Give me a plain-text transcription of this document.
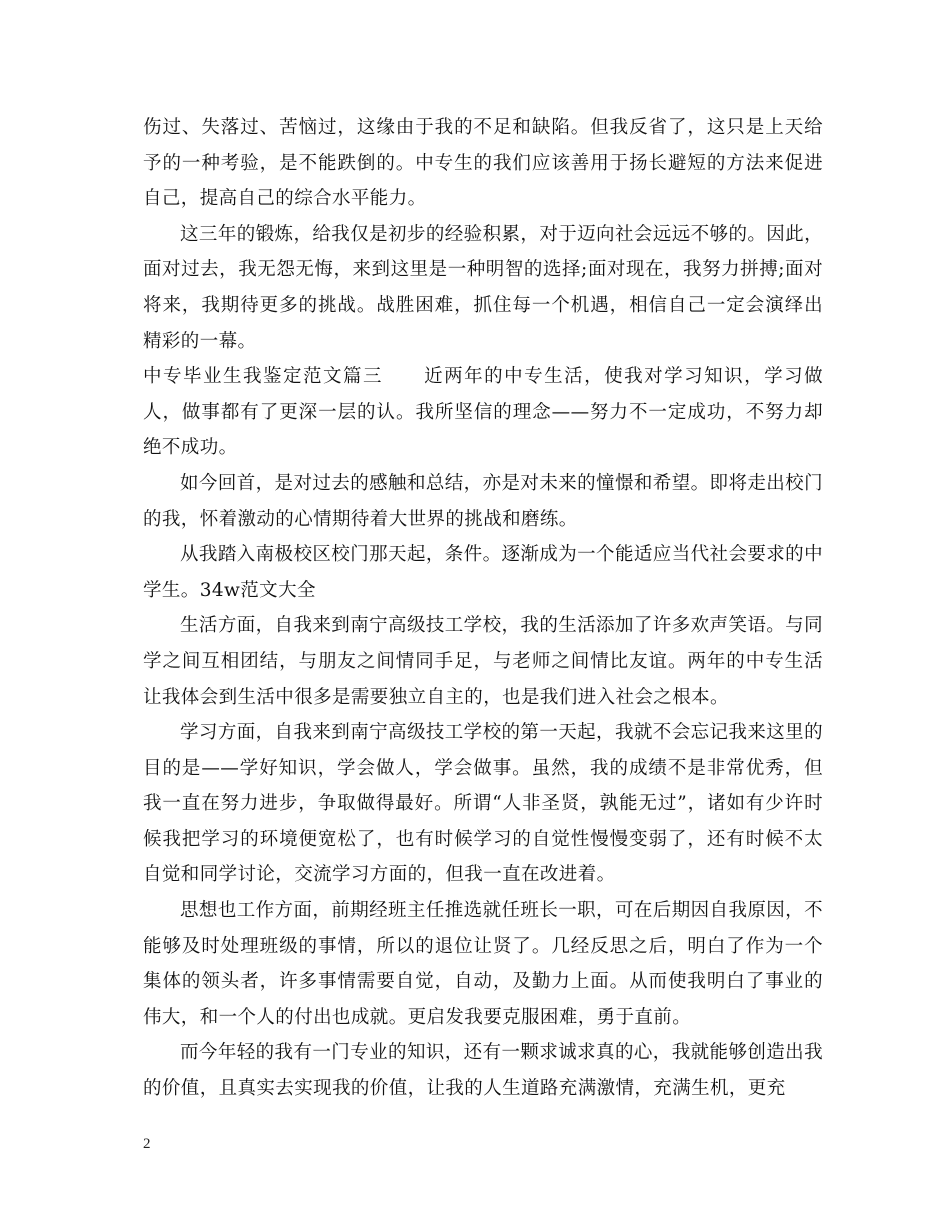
伤过、失落过、苦恼过，这缘由于我的不足和缺陷。但我反省了，这只是上天给予的一种考验，是不能跌倒的。中专生的我们应该善用于扬长避短的方法来促进自己，提高自己的综合水平能力。

这三年的锻炼，给我仅是初步的经验积累，对于迈向社会远远不够的。因此，面对过去，我无怨无悔，来到这里是一种明智的选择;面对现在，我努力拼搏;面对将来，我期待更多的挑战。战胜困难，抓住每一个机遇，相信自己一定会演绎出精彩的一幕。

中专毕业生我鉴定范文篇三 近两年的中专生活，使我对学习知识，学习做人，做事都有了更深一层的认。我所坚信的理念——努力不一定成功，不努力却绝不成功。

如今回首，是对过去的感触和总结，亦是对未来的憧憬和希望。即将走出校门的我，怀着激动的心情期待着大世界的挑战和磨练。

从我踏入南极校区校门那天起，条件。逐渐成为一个能适应当代社会要求的中学生。34w范文大全

生活方面，自我来到南宁高级技工学校，我的生活添加了许多欢声笑语。与同学之间互相团结，与朋友之间情同手足，与老师之间情比友谊。两年的中专生活让我体会到生活中很多是需要独立自主的，也是我们进入社会之根本。

学习方面，自我来到南宁高级技工学校的第一天起，我就不会忘记我来这里的目的是——学好知识，学会做人，学会做事。虽然，我的成绩不是非常优秀，但我一直在努力进步，争取做得最好。所谓“人非圣贤，孰能无过”，诸如有少许时候我把学习的环境便宽松了，也有时候学习的自觉性慢慢变弱了，还有时候不太自觉和同学讨论，交流学习方面的，但我一直在改进着。

思想也工作方面，前期经班主任推选就任班长一职，可在后期因自我原因，不能够及时处理班级的事情，所以的退位让贤了。几经反思之后，明白了作为一个集体的领头者，许多事情需要自觉，自动，及勤力上面。从而使我明白了事业的伟大，和一个人的付出也成就。更启发我要克服困难，勇于直前。

而今年轻的我有一门专业的知识，还有一颗求诚求真的心，我就能够创造出我的价值，且真实去实现我的价值，让我的人生道路充满激情，充满生机，更充

2
